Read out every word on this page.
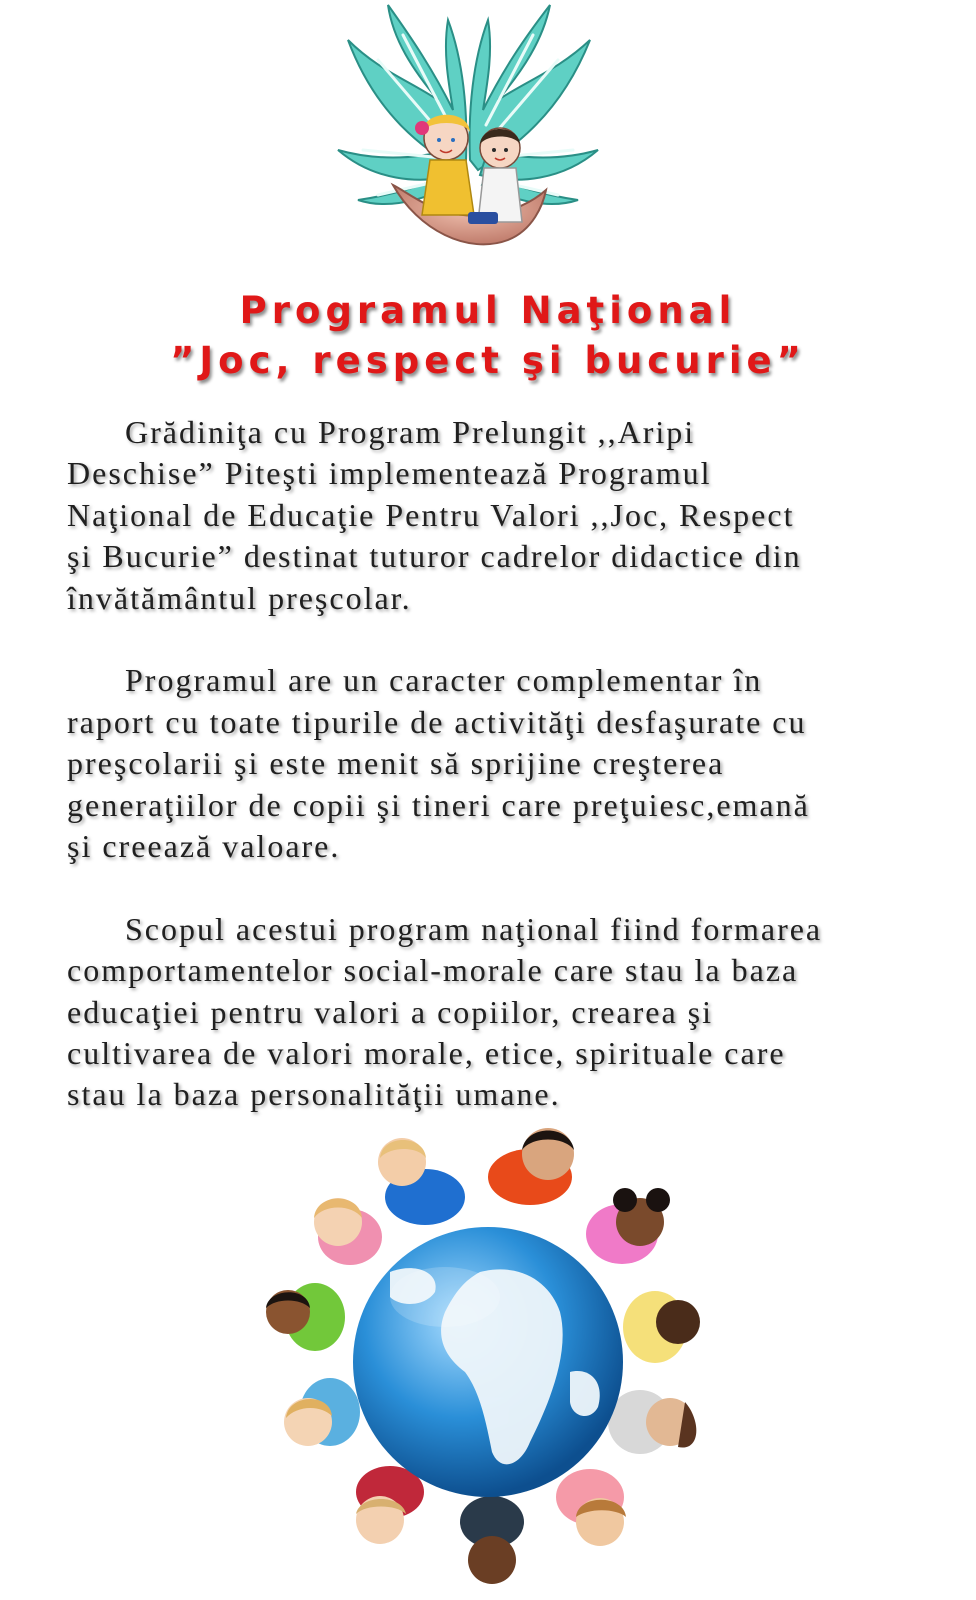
Programul Naţional
”Joc, respect şi bucurie”
Grădiniţa cu Program Prelungit ,,Aripi
Deschise” Piteşti implementează Programul
Naţional de Educaţie Pentru Valori ,,Joc, Respect
şi Bucurie” destinat tuturor cadrelor didactice din
învătământul preşcolar.
Programul are un caracter complementar în
raport cu toate tipurile de activităţi desfaşurate cu
preşcolarii şi este menit să sprijine creşterea
generaţiilor de copii şi tineri care preţuiesc,emană
şi creează valoare.
Scopul acestui program naţional fiind formarea
comportamentelor social-morale care stau la baza
educaţiei pentru valori a copiilor, crearea şi
cultivarea de valori morale, etice, spirituale care
stau la baza personalităţii umane.
